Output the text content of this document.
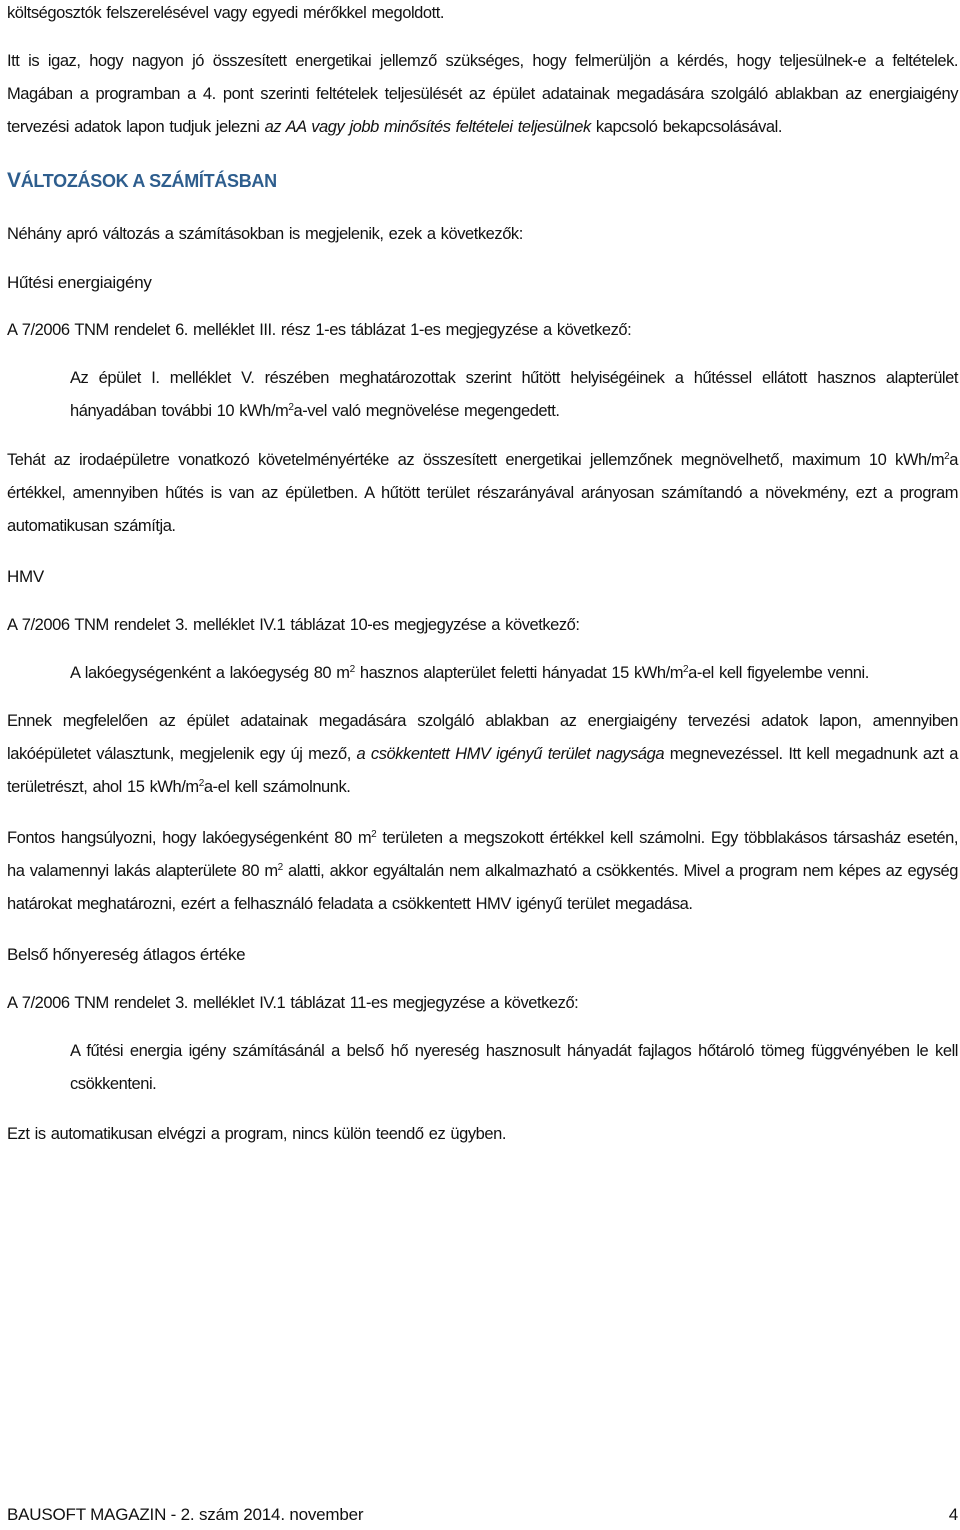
költségosztók felszerelésével vagy egyedi mérőkkel megoldott.
Itt is igaz, hogy nagyon jó összesített energetikai jellemző szükséges, hogy felmerüljön a kérdés, hogy teljesülnek-e a feltételek. Magában a programban a 4. pont szerinti feltételek teljesülését az épület adatainak megadására szolgáló ablakban az energiaigény tervezési adatok lapon tudjuk jelezni az AA vagy jobb minősítés feltételei teljesülnek kapcsoló bekapcsolásával.
VÁLTOZÁSOK A SZÁMÍTÁSBAN
Néhány apró változás a számításokban is megjelenik, ezek a következők:
Hűtési energiaigény
A 7/2006 TNM rendelet 6. melléklet III. rész 1-es táblázat 1-es megjegyzése a következő:
Az épület I. melléklet V. részében meghatározottak szerint hűtött helyiségéinek a hűtéssel ellátott hasznos alapterület hányadában további 10 kWh/$m^2a$-vel való megnövelése megengedett.
Tehát az irodaépületre vonatkozó követelményértéke az összesített energetikai jellemzőnek megnövelhető, maximum 10 kWh/$m^2a$ értékkel, amennyiben hűtés is van az épületben. A hűtött terület részarányával arányosan számítandó a növekmény, ezt a program automatikusan számítja.
HMV
A 7/2006 TNM rendelet 3. melléklet IV.1 táblázat 10-es megjegyzése a következő:
A lakóegységenként a lakóegység 80 $m^2$ hasznos alapterület feletti hányadat 15 kWh/$m^2a-el$ kell figyelembe venni.
Ennek megfelelően az épület adatainak megadására szolgáló ablakban az energiaigény tervezési adatok lapon, amennyiben lakóépületet választunk, megjelenik egy új mező, a csökkentett HMV igényű terület nagysága megnevezéssel. Itt kell megadnunk azt a területrészt, ahol 15 kWh/$m^2a-el$ kell számolnunk.
Fontos hangsúlyozni, hogy lakóegységenként 80 $m^2$ területen a megszokott értékkel kell számolni. Egy többlakásos társasház esetén, ha valamennyi lakás alapterülete 80 $m^2$ alatti, akkor egyáltalán nem alkalmazható a csökkentés. Mivel a program nem képes az egység határokat meghatározni, ezért a felhasználó feladata a csökkentett HMV igényű terület megadása.
Belső hőnyereség átlagos értéke
A 7/2006 TNM rendelet 3. melléklet IV.1 táblázat 11-es megjegyzése a következő:
A fűtési energia igény számításánál a belső hő nyereség hasznosult hányadát fajlagos hőtároló tömeg függvényében le kell csökkenteni.
Ezt is automatikusan elvégzi a program, nincs külön teendő ez ügyben.
BAUSOFT MAGAZIN - 2. szám 2014. november	4
